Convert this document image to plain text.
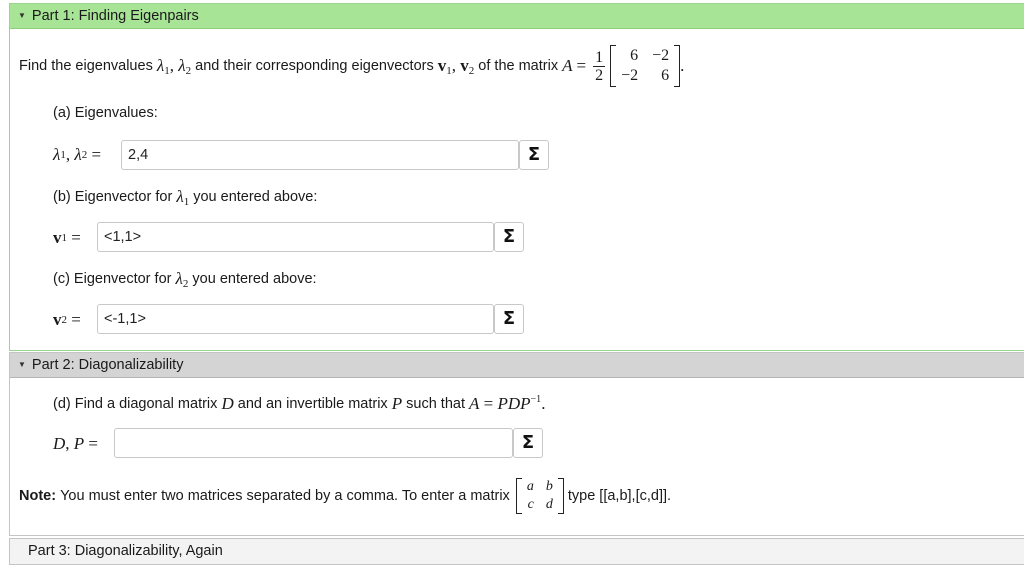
▼ Part 1: Finding Eigenpairs
Find the eigenvalues
$\lambda_1$, $\lambda_2$
and their corresponding eigenvectors
$v_1$, $v_2$
of the matrix
$A = \frac{1}{2}$	6 −2
−2	6
.
(a) Eigenvalues:
λ 1 , λ 2 =
2,4	Σ
(b) Eigenvector for
$\lambda_1$
you entered above:
v 1 =
<1,1>	Σ
(c) Eigenvector for
$\lambda_2$
you entered above:
v 2 =
<-1,1>	Σ
▼ Part 2: Diagonalizability
(d) Find a diagonal matrix
D
and an invertible matrix
P
such that
$A = PDP^{-1}$.
D , P =	Σ
Note:
You must enter two matrices separated by a comma. To enter a matrix

a b
c d

type [[a,b],[c,d]].
Part 3: Diagonalizability, Again
